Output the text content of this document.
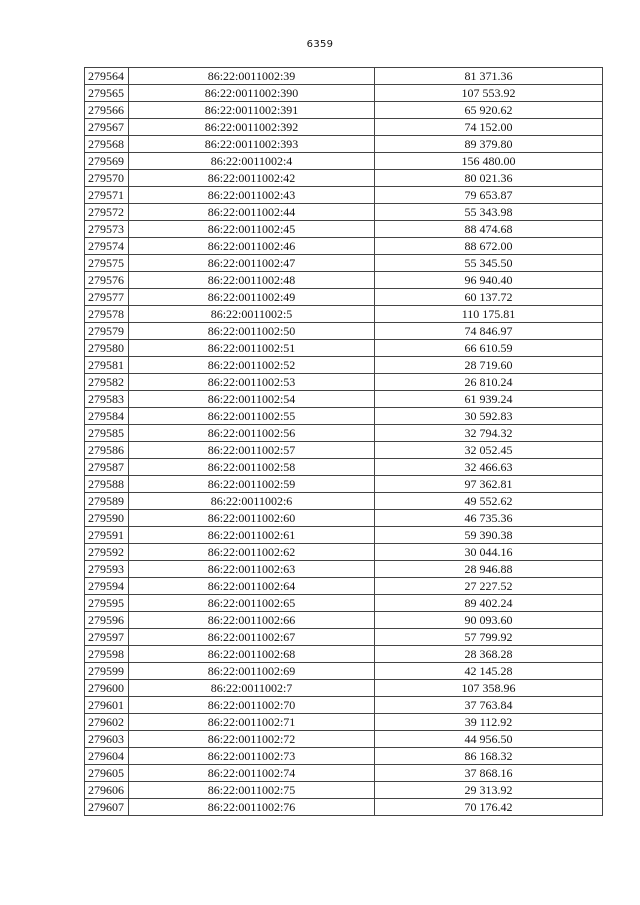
6359
279564	86:22:0011002:39	81 371.36
279565	86:22:0011002:390	107 553.92
279566	86:22:0011002:391	65 920.62
279567	86:22:0011002:392	74 152.00
279568	86:22:0011002:393	89 379.80
279569	86:22:0011002:4	156 480.00
279570	86:22:0011002:42	80 021.36
279571	86:22:0011002:43	79 653.87
279572	86:22:0011002:44	55 343.98
279573	86:22:0011002:45	88 474.68
279574	86:22:0011002:46	88 672.00
279575	86:22:0011002:47	55 345.50
279576	86:22:0011002:48	96 940.40
279577	86:22:0011002:49	60 137.72
279578	86:22:0011002:5	110 175.81
279579	86:22:0011002:50	74 846.97
279580	86:22:0011002:51	66 610.59
279581	86:22:0011002:52	28 719.60
279582	86:22:0011002:53	26 810.24
279583	86:22:0011002:54	61 939.24
279584	86:22:0011002:55	30 592.83
279585	86:22:0011002:56	32 794.32
279586	86:22:0011002:57	32 052.45
279587	86:22:0011002:58	32 466.63
279588	86:22:0011002:59	97 362.81
279589	86:22:0011002:6	49 552.62
279590	86:22:0011002:60	46 735.36
279591	86:22:0011002:61	59 390.38
279592	86:22:0011002:62	30 044.16
279593	86:22:0011002:63	28 946.88
279594	86:22:0011002:64	27 227.52
279595	86:22:0011002:65	89 402.24
279596	86:22:0011002:66	90 093.60
279597	86:22:0011002:67	57 799.92
279598	86:22:0011002:68	28 368.28
279599	86:22:0011002:69	42 145.28
279600	86:22:0011002:7	107 358.96
279601	86:22:0011002:70	37 763.84
279602	86:22:0011002:71	39 112.92
279603	86:22:0011002:72	44 956.50
279604	86:22:0011002:73	86 168.32
279605	86:22:0011002:74	37 868.16
279606	86:22:0011002:75	29 313.92
279607	86:22:0011002:76	70 176.42
